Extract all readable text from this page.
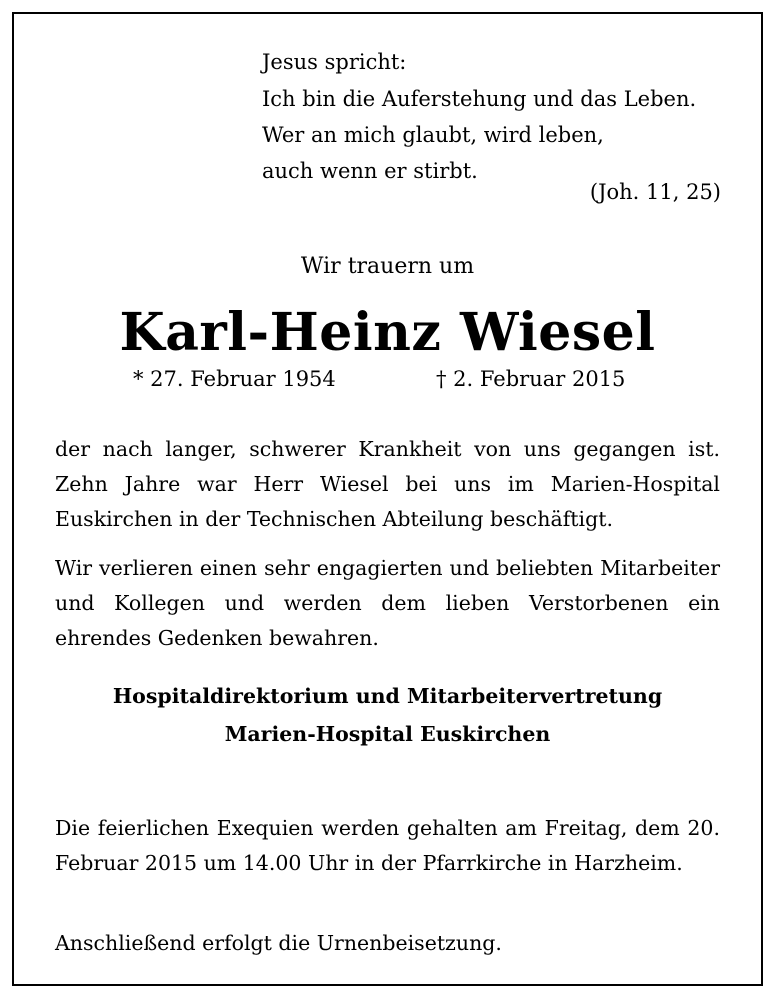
Jesus spricht:
Ich bin die Auferstehung und das Leben.
Wer an mich glaubt, wird leben,
auch wenn er stirbt.
(Joh. 11, 25)
Wir trauern um
Karl-Heinz Wiesel
* 27. Februar 1954	† 2. Februar 2015
der nach langer, schwerer Krankheit von uns gegangen ist. Zehn Jahre war Herr Wiesel bei uns im Marien-Hospital Euskirchen in der Technischen Abteilung beschäftigt.
Wir verlieren einen sehr engagierten und beliebten Mitarbeiter und Kollegen und werden dem lieben Verstorbenen ein ehrendes Gedenken bewahren.
Hospitaldirektorium und Mitarbeitervertretung
Marien-Hospital Euskirchen
Die feierlichen Exequien werden gehalten am Freitag, dem 20. Februar 2015 um 14.00 Uhr in der Pfarrkirche in Harzheim.
Anschließend erfolgt die Urnenbeisetzung.
